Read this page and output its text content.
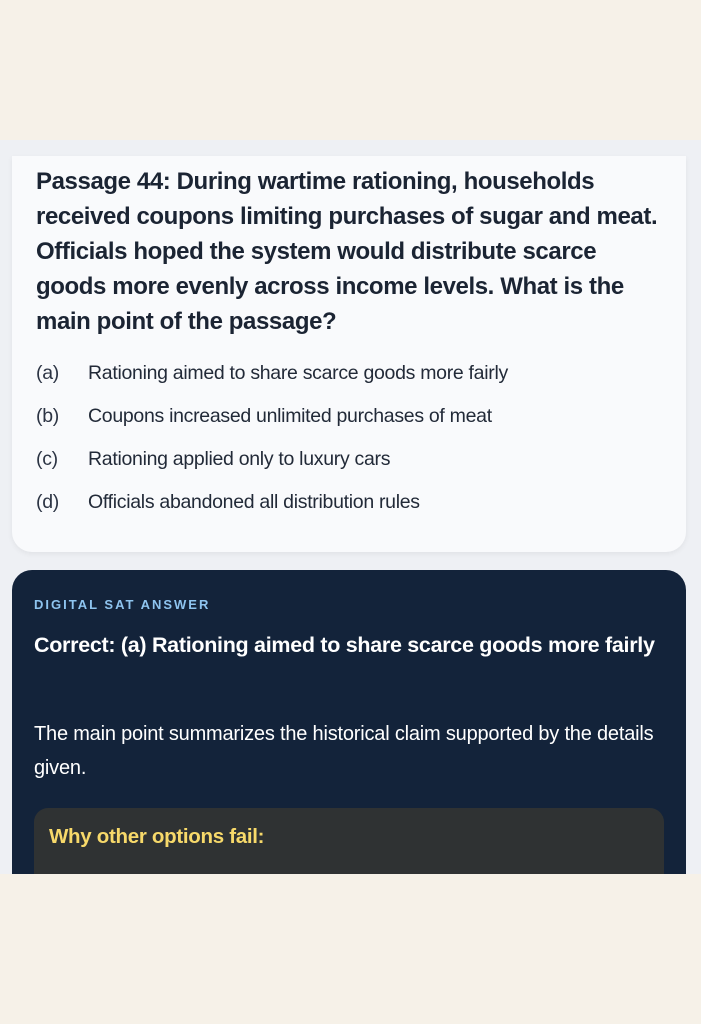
Passage 44: During wartime rationing, households received coupons limiting purchases of sugar and meat. Officials hoped the system would distribute scarce goods more evenly across income levels. What is the main point of the passage?

(a)	Rationing aimed to share scarce goods more fairly
(b)	Coupons increased unlimited purchases of meat
(c)	Rationing applied only to luxury cars
(d)	Officials abandoned all distribution rules
DIGITAL SAT ANSWER

Correct: (a) Rationing aimed to share scarce goods more fairly

The main point summarizes the historical claim supported by the details given.

Why other options fail:
